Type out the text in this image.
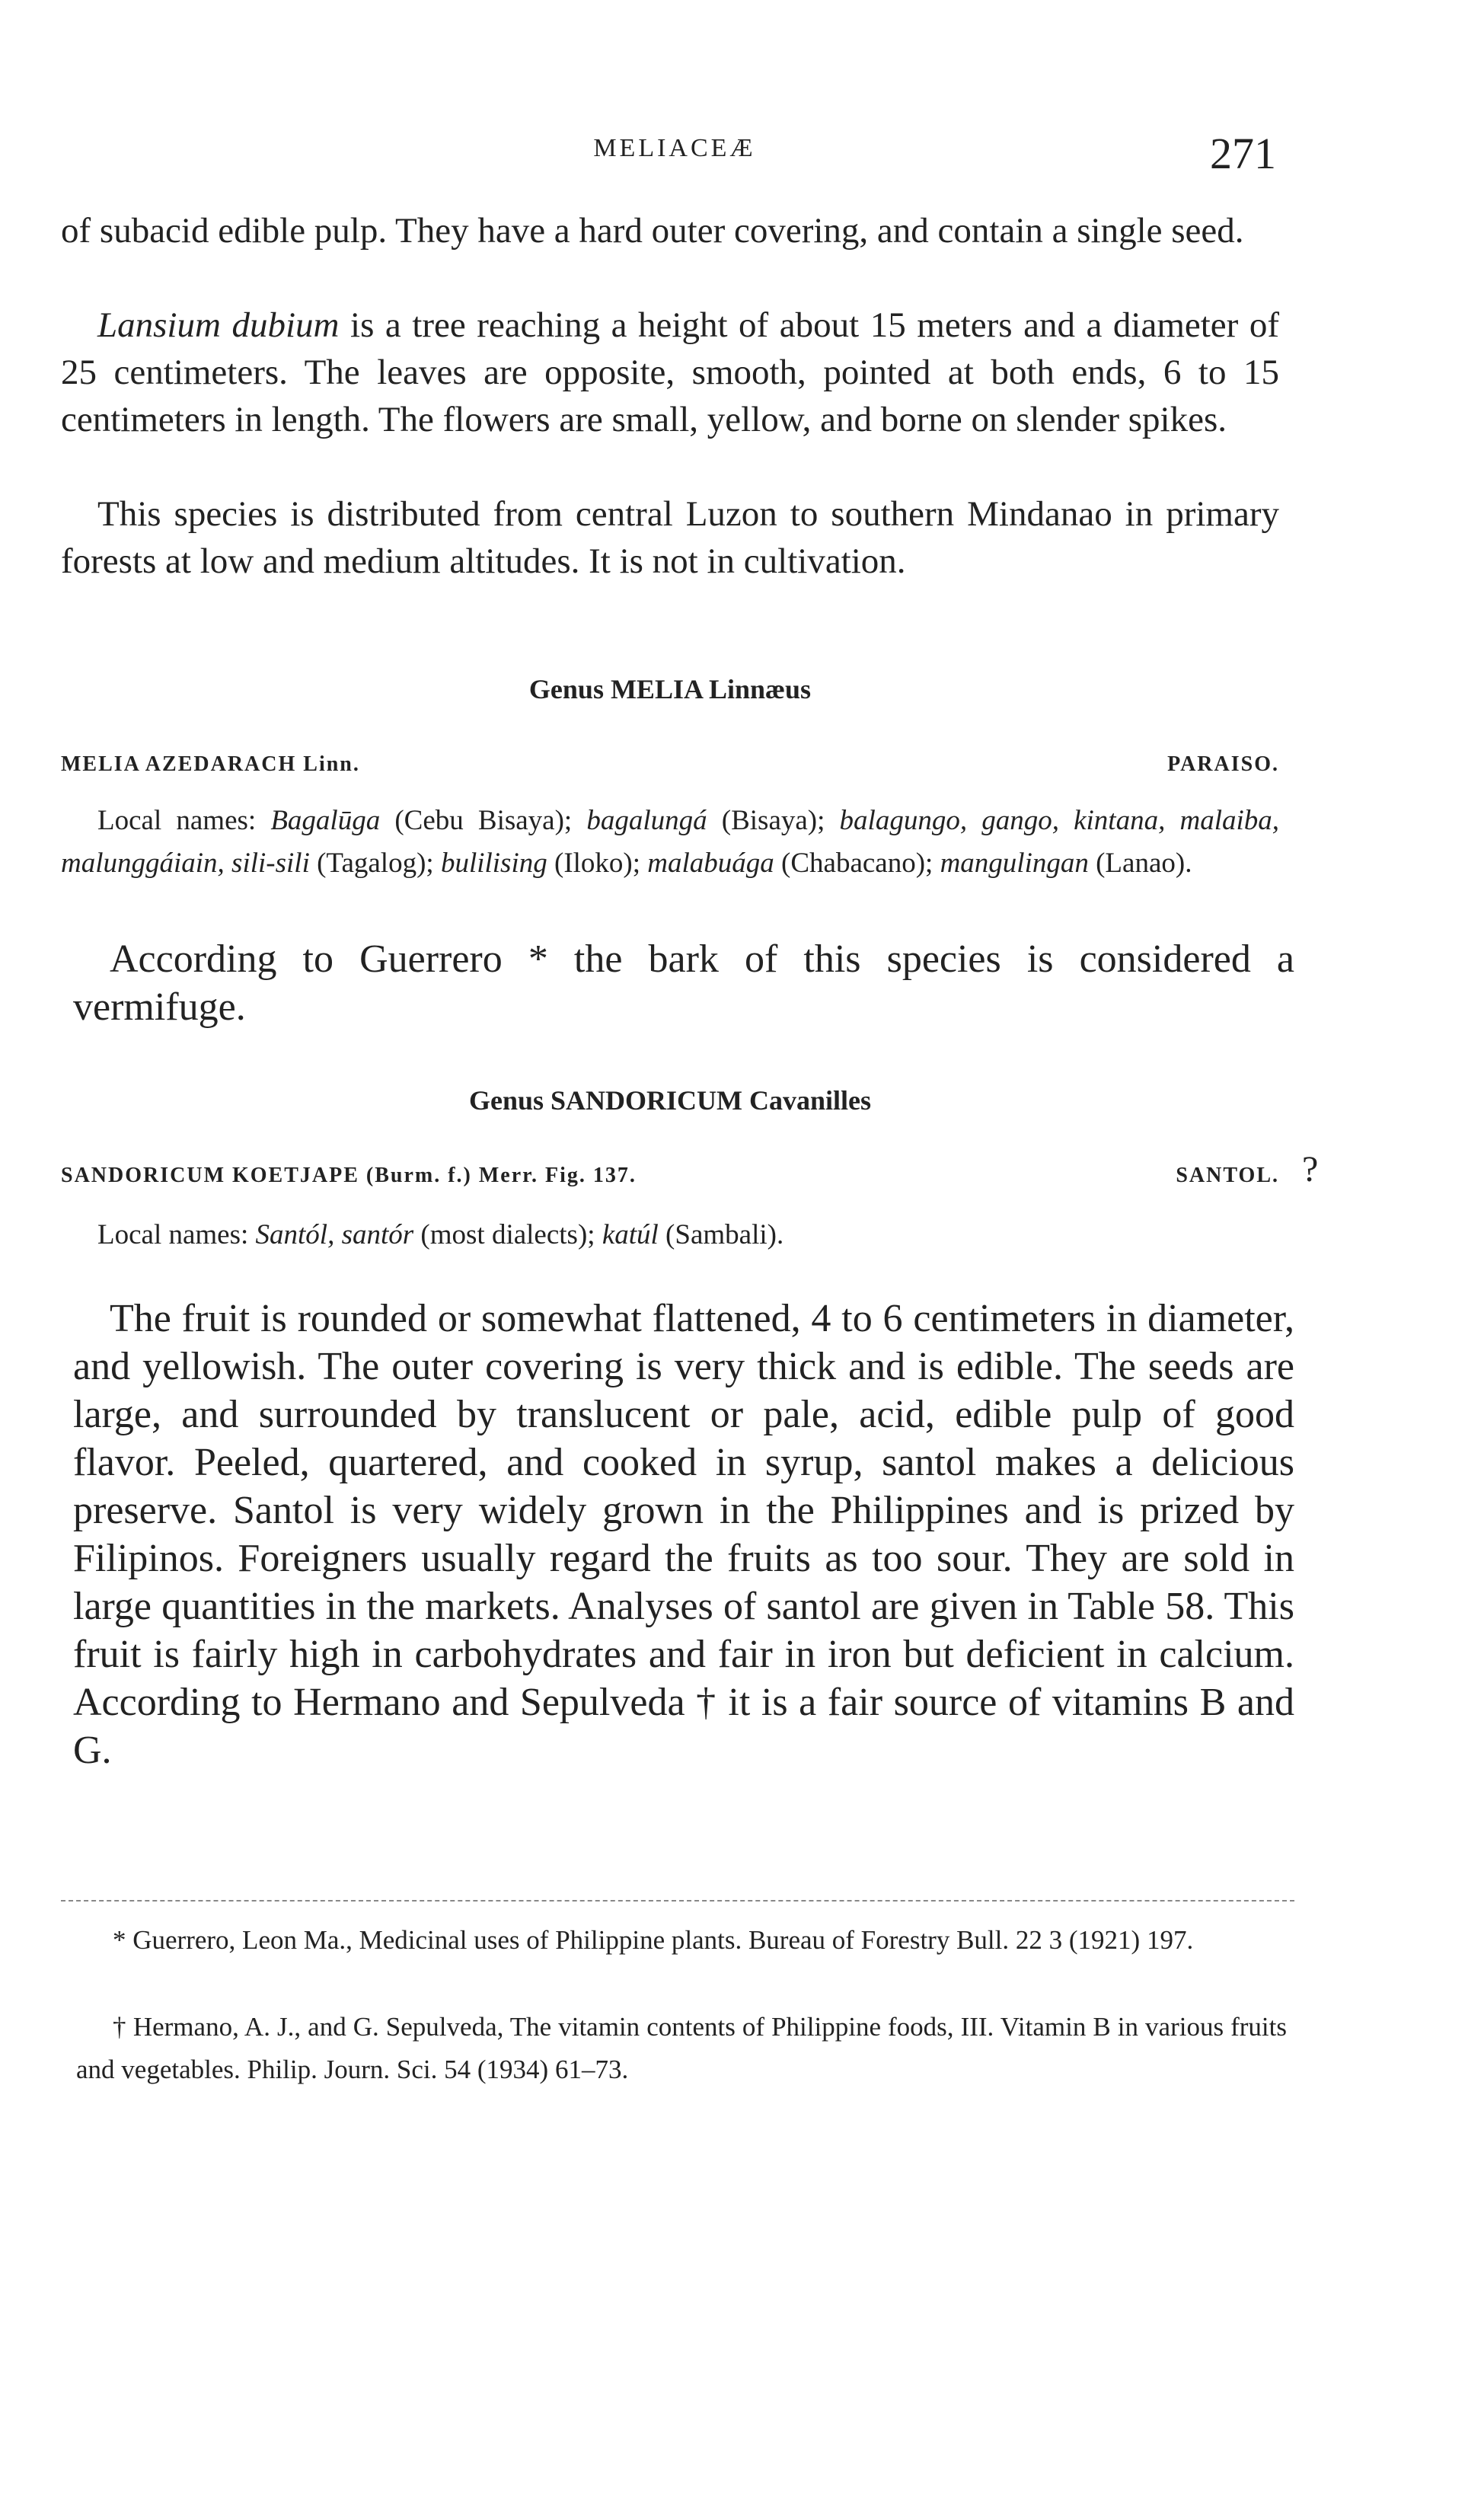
MELIACEÆ	271

of subacid edible pulp. They have a hard outer covering, and contain a single seed.

Lansium dubium is a tree reaching a height of about 15 meters and a diameter of 25 centimeters. The leaves are opposite, smooth, pointed at both ends, 6 to 15 centimeters in length. The flowers are small, yellow, and borne on slender spikes.

This species is distributed from central Luzon to southern Mindanao in primary forests at low and medium altitudes. It is not in cultivation.

Genus MELIA Linnæus
MELIA AZEDARACH Linn.	PARAISO.

Local names: Bagalūga (Cebu Bisaya); bagalungá (Bisaya); balagungo, gango, kintana, malaiba, malunggáiain, sili-sili (Tagalog); bulilising (Iloko); malabuága (Chabacano); mangulingan (Lanao).

According to Guerrero * the bark of this species is considered a vermifuge.

Genus SANDORICUM Cavanilles
SANDORICUM KOETJAPE (Burm. f.) Merr. Fig. 137.	SANTOL. ?

Local names: Santól, santór (most dialects); katúl (Sambali).

The fruit is rounded or somewhat flattened, 4 to 6 centimeters in diameter, and yellowish. The outer covering is very thick and is edible. The seeds are large, and surrounded by translucent or pale, acid, edible pulp of good flavor. Peeled, quartered, and cooked in syrup, santol makes a delicious preserve. Santol is very widely grown in the Philippines and is prized by Filipinos. Foreigners usually regard the fruits as too sour. They are sold in large quantities in the markets. Analyses of santol are given in Table 58. This fruit is fairly high in carbohydrates and fair in iron but deficient in calcium. According to Hermano and Sepulveda † it is a fair source of vitamins B and G.

* Guerrero, Leon Ma., Medicinal uses of Philippine plants. Bureau of Forestry Bull. 22 3 (1921) 197.

† Hermano, A. J., and G. Sepulveda, The vitamin contents of Philippine foods, III. Vitamin B in various fruits and vegetables. Philip. Journ. Sci. 54 (1934) 61–73.
